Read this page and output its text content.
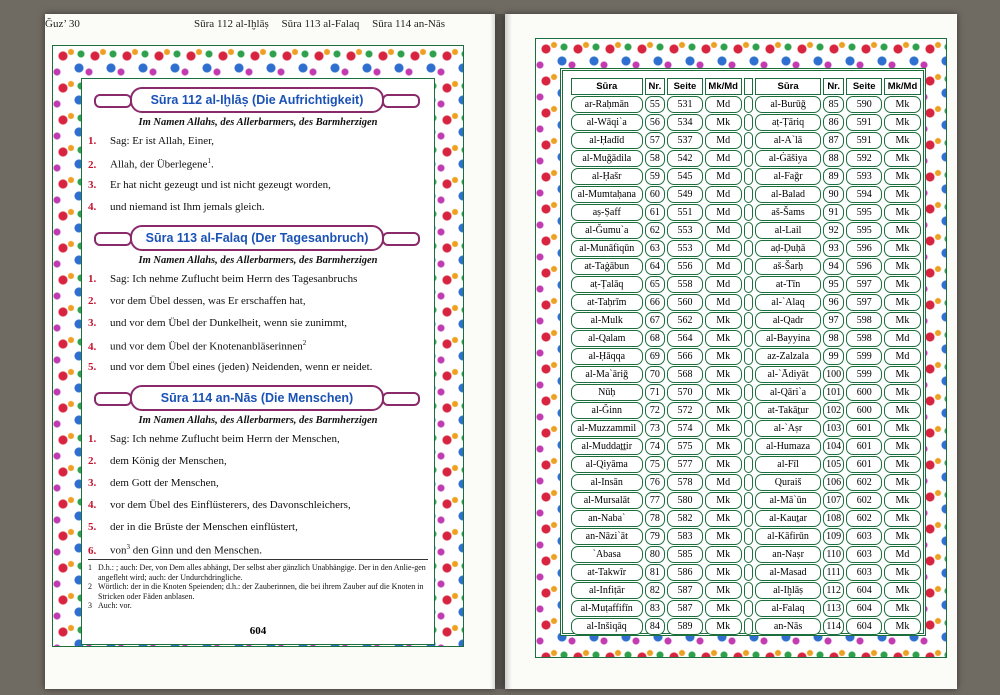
Ğuz’ 30	Sūra 112 al-Iḫlāṣ Sūra 113 al-Falaq Sūra 114 an-Nās
Sūra 112 al-Iḫlāṣ (Die Aufrichtigkeit)
Im Namen Allahs, des Allerbarmers, des Barmherzigen
1. Sag: Er ist Allah, Einer,
2. Allah, der Überlegene$^1$.
3. Er hat nicht gezeugt und ist nicht gezeugt worden,
4. und niemand ist Ihm jemals gleich.
Sūra 113 al-Falaq (Der Tagesanbruch)
Im Namen Allahs, des Allerbarmers, des Barmherzigen
1. Sag: Ich nehme Zuflucht beim Herrn des Tagesanbruchs
2. vor dem Übel dessen, was Er erschaffen hat,
3. und vor dem Übel der Dunkelheit, wenn sie zunimmt,
4. und vor dem Übel der Knotenanbläserinnen$^2$
5. und vor dem Übel eines (jeden) Neidenden, wenn er neidet.
Sūra 114 an-Nās (Die Menschen)
Im Namen Allahs, des Allerbarmers, des Barmherzigen
1. Sag: Ich nehme Zuflucht beim Herrn der Menschen,
2. dem König der Menschen,
3. dem Gott der Menschen,
4. vor dem Übel des Einflüsterers, des Davonschleichers,
5. der in die Brüste der Menschen einflüstert,
6. von$^3$ den Ginn und den Menschen.
1 D.h.: ; auch: Der, von Dem alles abhängt, Der selbst aber gänzlich Unabhängige. Der in den Anlie-gen angefleht wird; auch: der Undurchdringliche.
2 Wörtlich: der in die Knoten Speienden; d.h.: der Zauberinnen, die bei ihrem Zauber auf die Knoten in Stricken oder Fäden anblasen.
3 Auch: vor.
604
Sūra	Nr.	Seite	Mk/Md		Sūra	Nr.	Seite	Mk/Md
ar-Raḥmān	55	531	Md		al-Burūǧ	85	590	Mk
al-Wāqi`a	56	534	Mk		aṭ-Ṭāriq	86	591	Mk
al-Ḥadīd	57	537	Md		al-A`lā	87	591	Mk
al-Muǧādila	58	542	Md		al-Ġāšiya	88	592	Mk
al-Ḥašr	59	545	Md		al-Faǧr	89	593	Mk
al-Mumtaḥana	60	549	Md		al-Balad	90	594	Mk
aṣ-Ṣaff	61	551	Md		aš-Šams	91	595	Mk
al-Ǧumu`a	62	553	Md		al-Lail	92	595	Mk
al-Munāfiqūn	63	553	Md		aḍ-Ḍuḥā	93	596	Mk
at-Taġābun	64	556	Md		aš-Šarḥ	94	596	Mk
aṭ-Ṭalāq	65	558	Md		at-Tīn	95	597	Mk
at-Taḥrīm	66	560	Md		al-`Alaq	96	597	Mk
al-Mulk	67	562	Mk		al-Qadr	97	598	Mk
al-Qalam	68	564	Mk		al-Bayyina	98	598	Md
al-Ḥāqqa	69	566	Mk		az-Zalzala	99	599	Md
al-Ma`āriǧ	70	568	Mk		al-`Ādiyāt	100	599	Mk
Nūḥ	71	570	Mk		al-Qāri`a	101	600	Mk
al-Ǧinn	72	572	Mk		at-Takāṯur	102	600	Mk
al-Muzzammil	73	574	Mk		al-`Aṣr	103	601	Mk
al-Muddaṯṯir	74	575	Mk		al-Humaza	104	601	Mk
al-Qiyāma	75	577	Mk		al-Fīl	105	601	Mk
al-Insān	76	578	Md		Quraiš	106	602	Mk
al-Mursalāt	77	580	Mk		al-Mā`ūn	107	602	Mk
an-Naba`	78	582	Mk		al-Kauṯar	108	602	Mk
an-Nāzi`āt	79	583	Mk		al-Kāfirūn	109	603	Mk
`Abasa	80	585	Mk		an-Naṣr	110	603	Md
at-Takwīr	81	586	Mk		al-Masad	111	603	Mk
al-Infiṭār	82	587	Mk		al-Iḫlāṣ	112	604	Mk
al-Muṭaffifīn	83	587	Mk		al-Falaq	113	604	Mk
al-Inšiqāq	84	589	Mk		an-Nās	114	604	Mk
